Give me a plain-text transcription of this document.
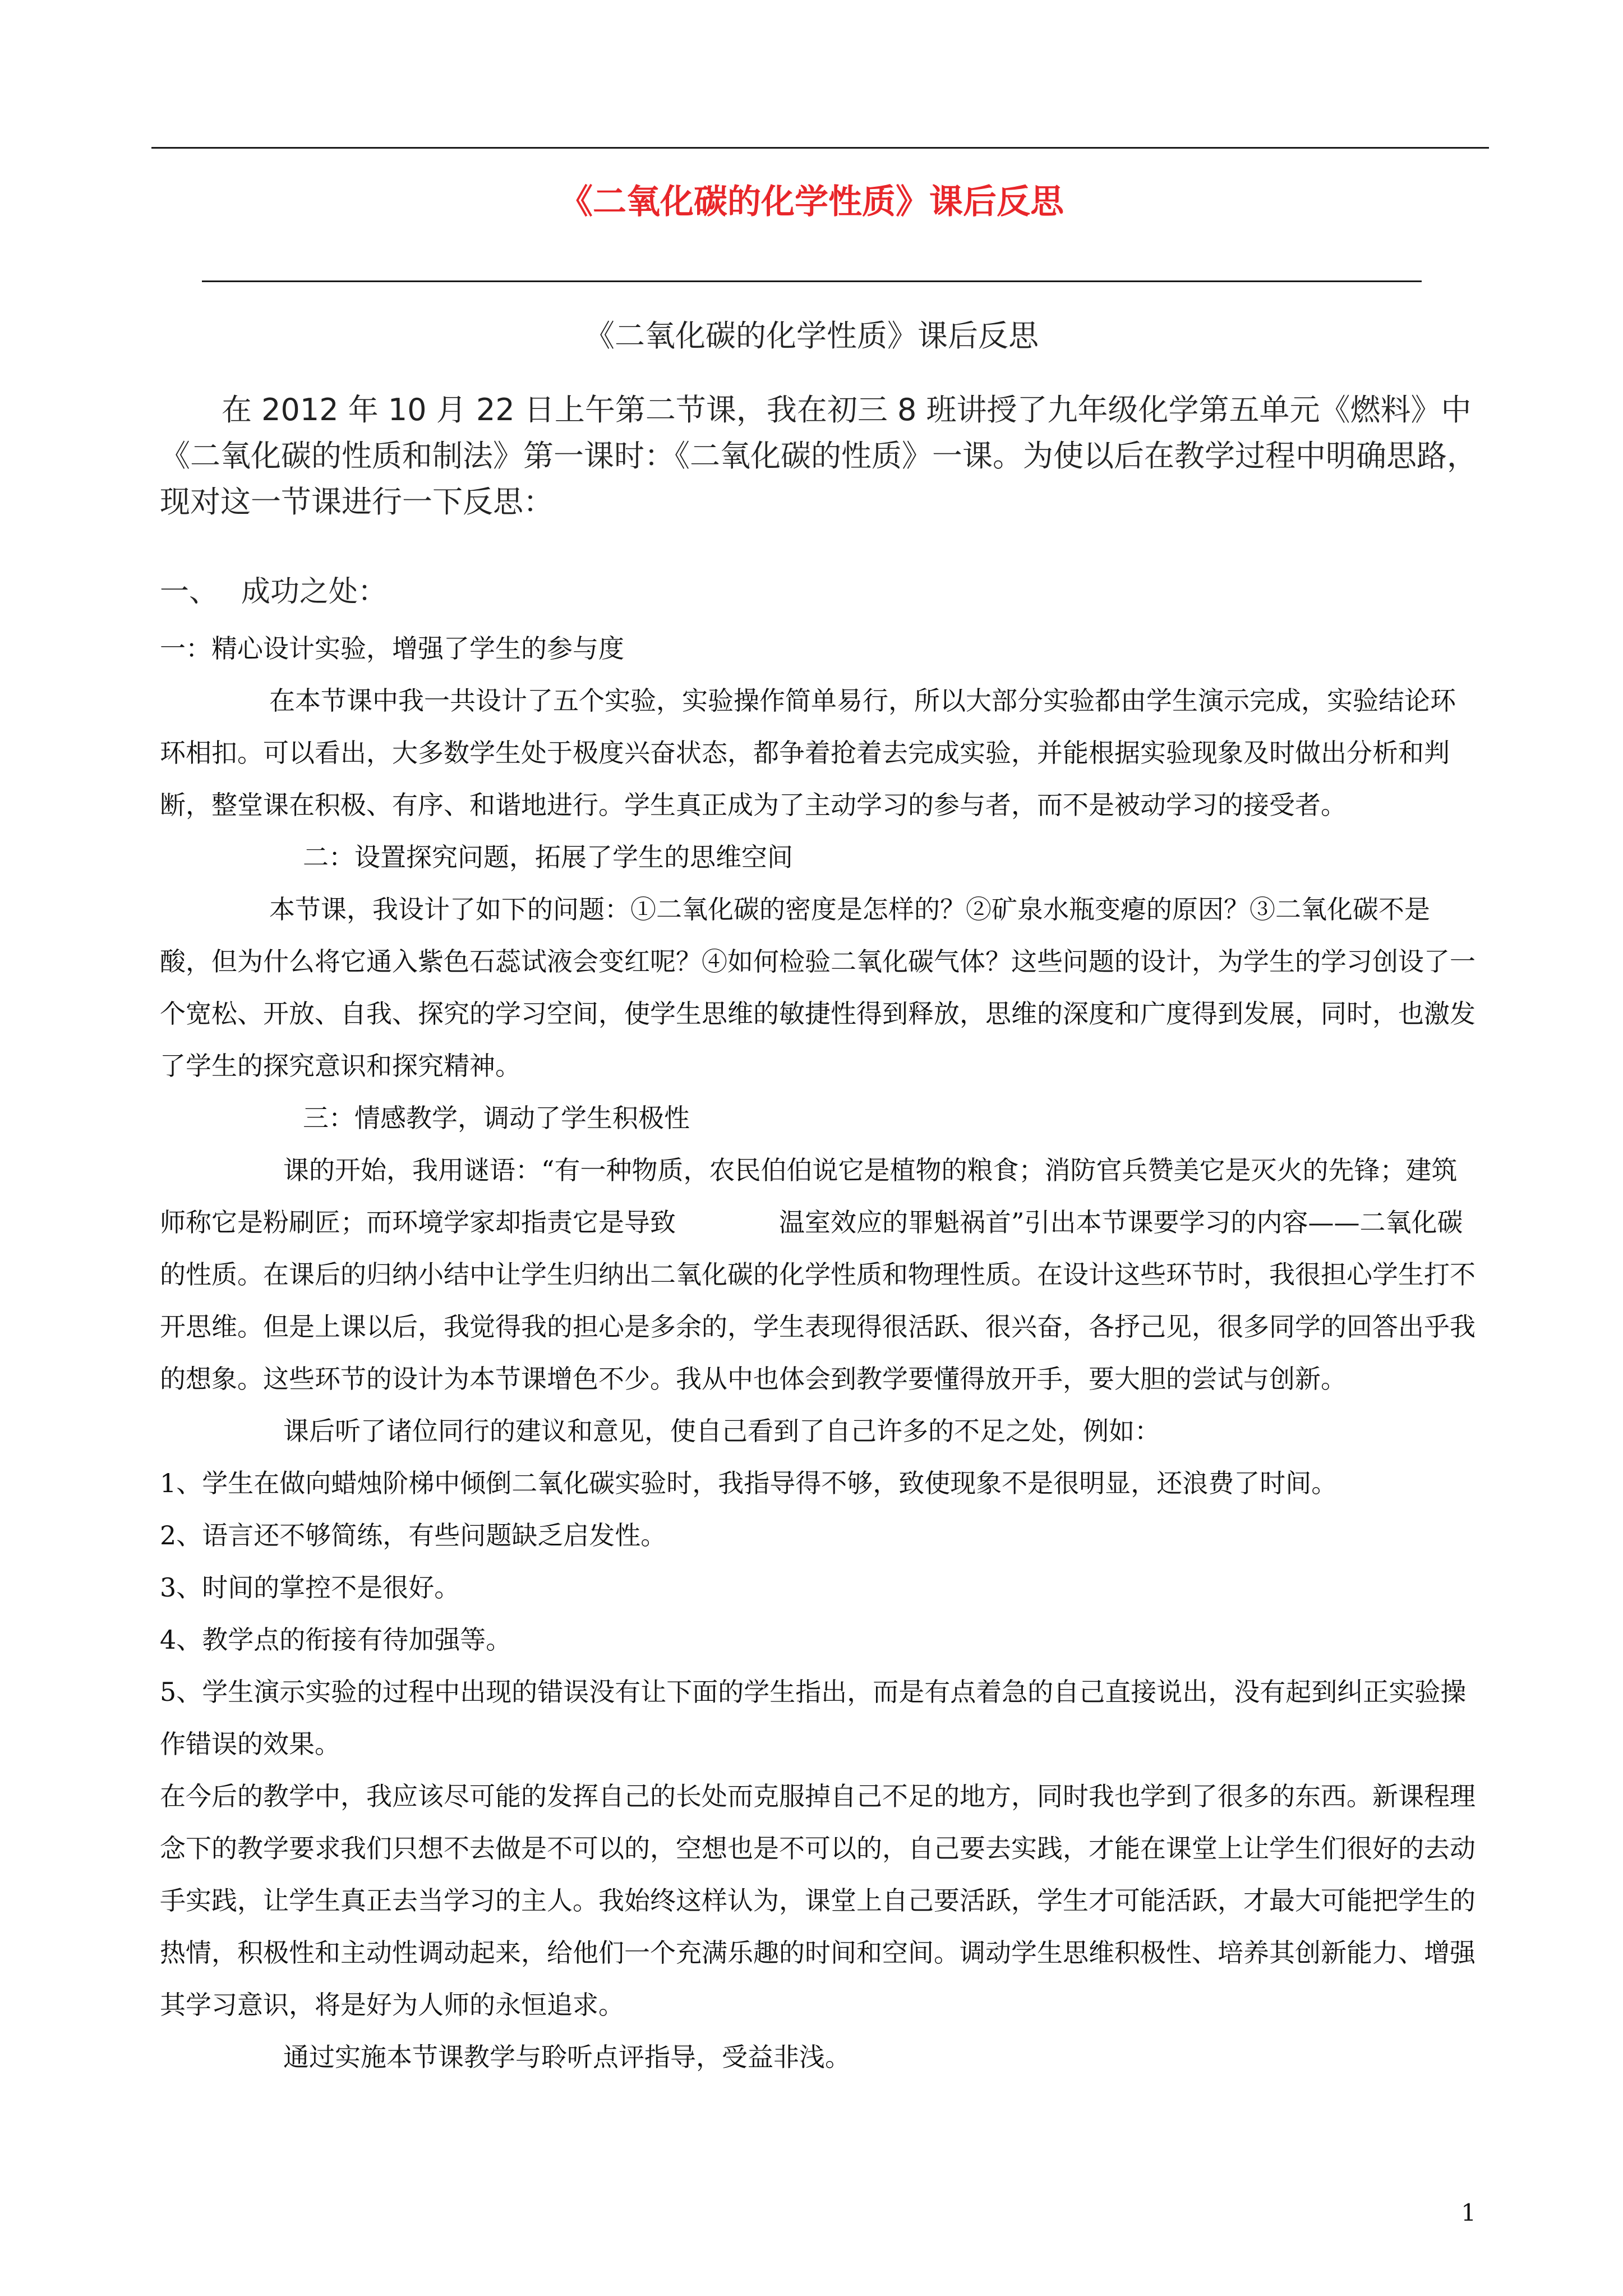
《二氧化碳的化学性质》课后反思
《二氧化碳的化学性质》课后反思

在 2012 年 10 月 22 日上午第二节课，我在初三 8 班讲授了九年级化学第五单元《燃料》中《二氧化碳的性质和制法》第一课时：《二氧化碳的性质》一课。为使以后在教学过程中明确思路，现对这一节课进行一下反思：

一、 成功之处：

一：精心设计实验，增强了学生的参与度

在本节课中我一共设计了五个实验，实验操作简单易行，所以大部分实验都由学生演示完成，实验结论环环相扣。可以看出，大多数学生处于极度兴奋状态，都争着抢着去完成实验，并能根据实验现象及时做出分析和判断，整堂课在积极、有序、和谐地进行。学生真正成为了主动学习的参与者，而不是被动学习的接受者。

二：设置探究问题，拓展了学生的思维空间

本节课，我设计了如下的问题：①二氧化碳的密度是怎样的？②矿泉水瓶变瘪的原因？③二氧化碳不是酸，但为什么将它通入紫色石蕊试液会变红呢？④如何检验二氧化碳气体？这些问题的设计，为学生的学习创设了一个宽松、开放、自我、探究的学习空间，使学生思维的敏捷性得到释放，思维的深度和广度得到发展，同时，也激发了学生的探究意识和探究精神。

三：情感教学，调动了学生积极性

课的开始，我用谜语：“有一种物质，农民伯伯说它是植物的粮食；消防官兵赞美它是灭火的先锋；建筑师称它是粉刷匠；而环境学家却指责它是导致　　　　温室效应的罪魁祸首”引出本节课要学习的内容——二氧化碳的性质。在课后的归纳小结中让学生归纳出二氧化碳的化学性质和物理性质。在设计这些环节时，我很担心学生打不开思维。但是上课以后，我觉得我的担心是多余的，学生表现得很活跃、很兴奋，各抒己见，很多同学的回答出乎我的想象。这些环节的设计为本节课增色不少。我从中也体会到教学要懂得放开手，要大胆的尝试与创新。

课后听了诸位同行的建议和意见，使自己看到了自己许多的不足之处，例如：

1、学生在做向蜡烛阶梯中倾倒二氧化碳实验时，我指导得不够，致使现象不是很明显，还浪费了时间。

2、语言还不够简练，有些问题缺乏启发性。

3、时间的掌控不是很好。

4、教学点的衔接有待加强等。

5、学生演示实验的过程中出现的错误没有让下面的学生指出，而是有点着急的自己直接说出，没有起到纠正实验操作错误的效果。

在今后的教学中，我应该尽可能的发挥自己的长处而克服掉自己不足的地方，同时我也学到了很多的东西。新课程理念下的教学要求我们只想不去做是不可以的，空想也是不可以的，自己要去实践，才能在课堂上让学生们很好的去动手实践，让学生真正去当学习的主人。我始终这样认为，课堂上自己要活跃，学生才可能活跃，才最大可能把学生的热情，积极性和主动性调动起来，给他们一个充满乐趣的时间和空间。调动学生思维积极性、培养其创新能力、增强其学习意识，将是好为人师的永恒追求。

通过实施本节课教学与聆听点评指导，受益非浅。

1
